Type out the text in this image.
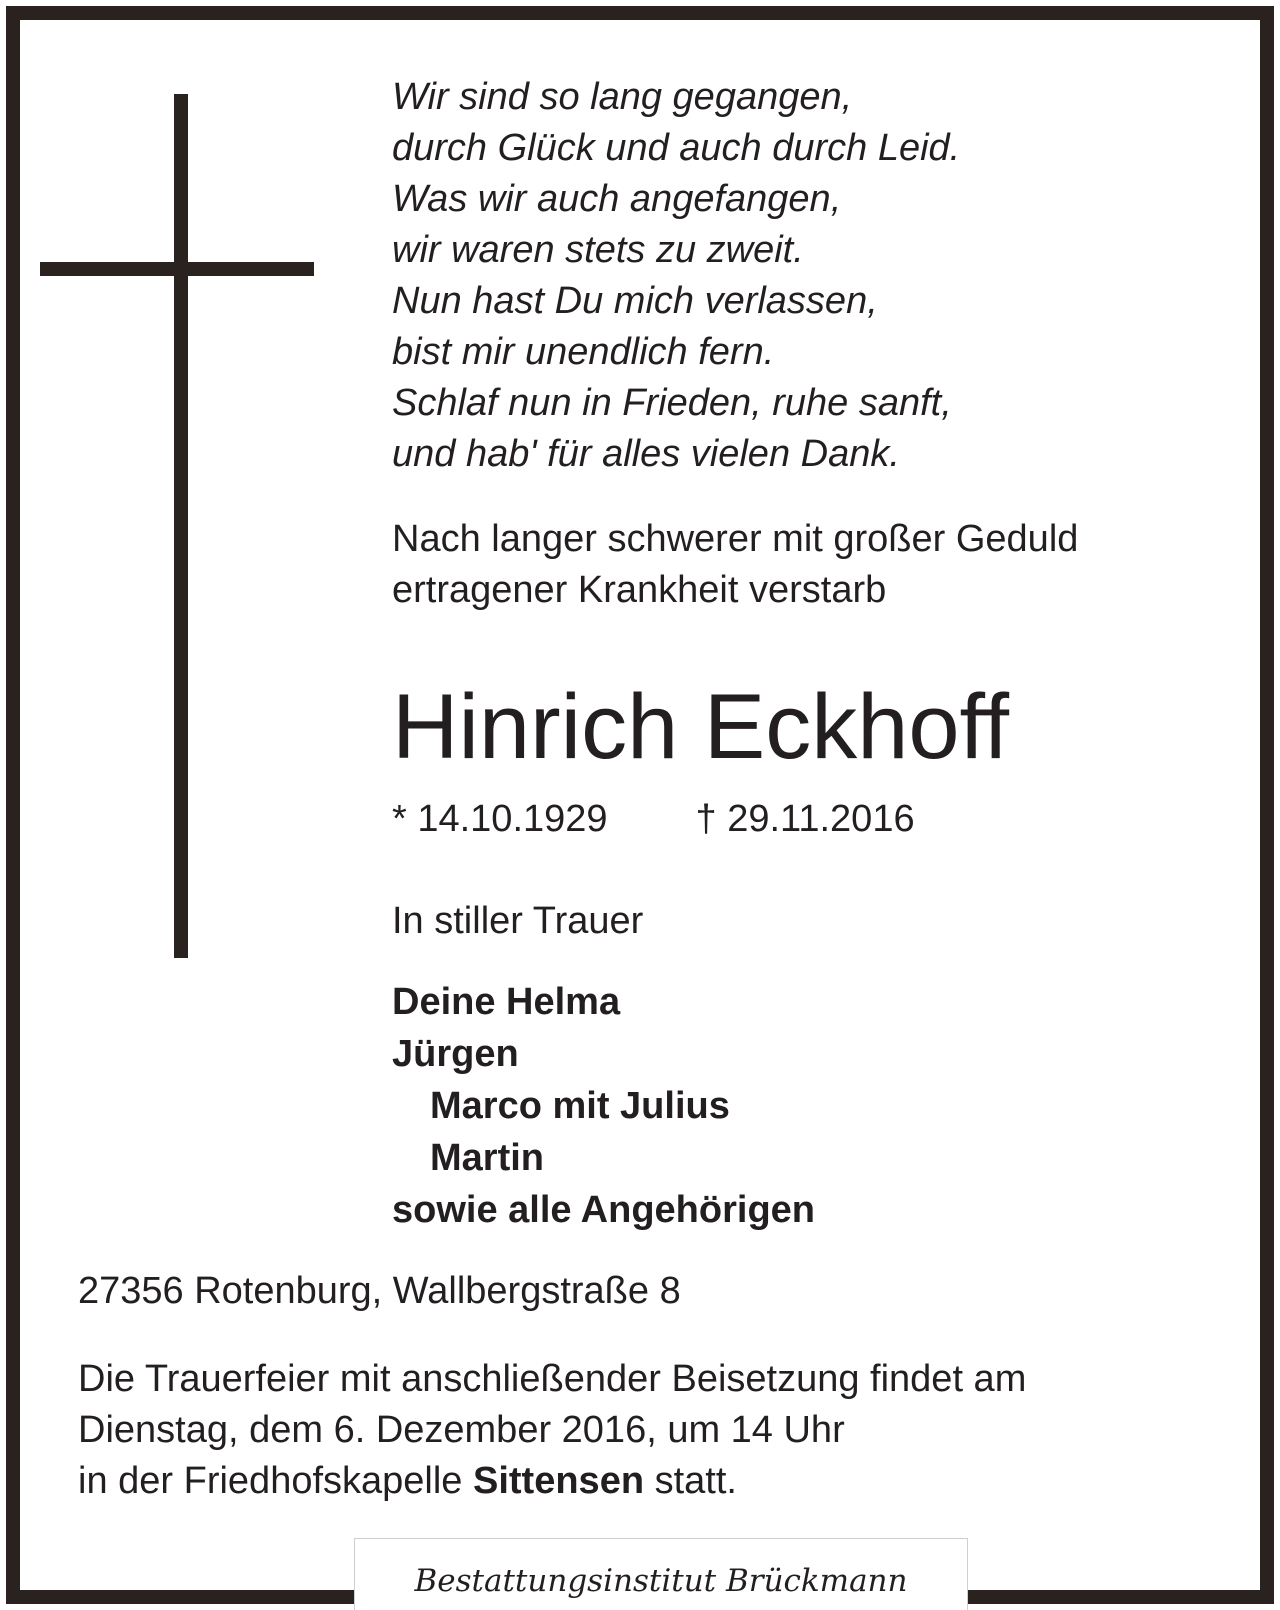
Wir sind so lang gegangen,
durch Glück und auch durch Leid.
Was wir auch angefangen,
wir waren stets zu zweit.
Nun hast Du mich verlassen,
bist mir unendlich fern.
Schlaf nun in Frieden, ruhe sanft,
und hab' für alles vielen Dank.
Nach langer schwerer mit großer Geduld
ertragener Krankheit verstarb
Hinrich Eckhoff
* 14.10.1929 † 29.11.2016
In stiller Trauer
Deine Helma
Jürgen
Marco mit Julius
Martin
sowie alle Angehörigen
27356 Rotenburg, Wallbergstraße 8
Die Trauerfeier mit anschließender Beisetzung findet am
Dienstag, dem 6. Dezember 2016, um 14 Uhr
in der Friedhofskapelle Sittensen statt.
Bestattungsinstitut Brückmann
